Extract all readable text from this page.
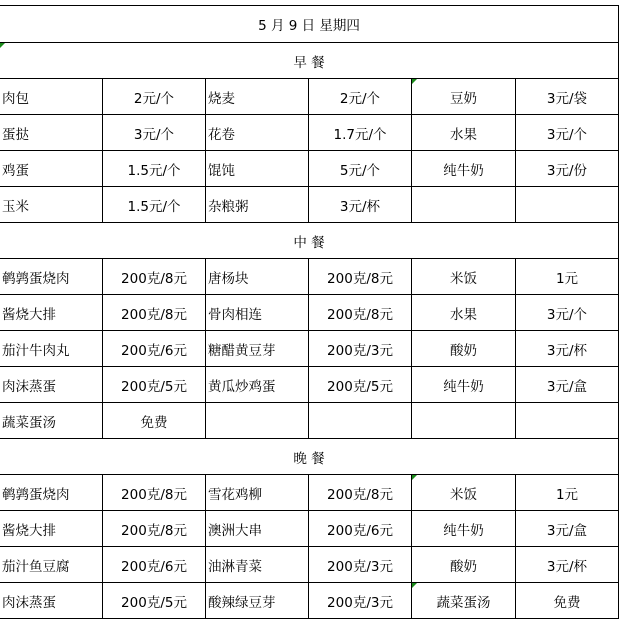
5 月 9 日 星期四					

早 餐					
肉包	2元/个	烧麦	2元/个	豆奶	3元/袋
蛋挞	3元/个	花卷	1.7元/个	水果	3元/个
鸡蛋	1.5元/个	馄饨	5元/个	纯牛奶	3元/份
玉米	1.5元/个	杂粮粥	3元/杯		
中 餐					
鹌鹑蛋烧肉	200克/8元	唐杨块	200克/8元	米饭	1元
酱烧大排	200克/8元	骨肉相连	200克/8元	水果	3元/个
茄汁牛肉丸	200克/6元	糖醋黄豆芽	200克/3元	酸奶	3元/杯
肉沫蒸蛋	200克/5元	黄瓜炒鸡蛋	200克/5元	纯牛奶	3元/盒
蔬菜蛋汤	免费				
晚 餐					
鹌鹑蛋烧肉	200克/8元	雪花鸡柳	200克/8元	米饭	1元
酱烧大排	200克/8元	澳洲大串	200克/6元	纯牛奶	3元/盒
茄汁鱼豆腐	200克/6元	油淋青菜	200克/3元	酸奶	3元/杯
肉沫蒸蛋	200克/5元	酸辣绿豆芽	200克/3元	蔬菜蛋汤	免费
